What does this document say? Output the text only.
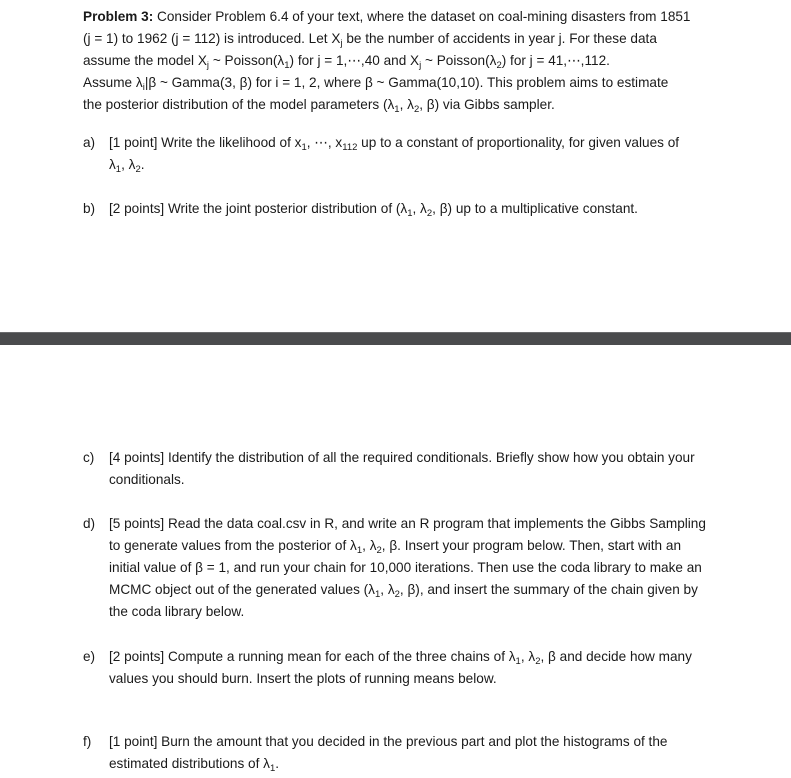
Problem 3: Consider Problem 6.4 of your text, where the dataset on coal-mining disasters from 1851

(j = 1) to 1962 (j = 112) is introduced. Let $X_j$ be the number of accidents in year j. For these data

assume the model $X_j$ ~ $Poisson(\lambda_1)$ for j = 1,⋯,40 and $X_j$ ~ $Poisson(\lambda_2)$ for j = 41,⋯,112.

Assume $\lambda_i|\beta$ ~ Gamma(3, β) for i = 1, 2, where β ~ Gamma(10,10). This problem aims to estimate

the posterior distribution of the model parameters ($\lambda_1$, $\lambda_2$, β) via Gibbs sampler.

a)	[1 point] Write the likelihood of $x_1$, ⋯, $x_{112}$ up to a constant of proportionality, for given values of
$\lambda_1$, $\lambda_2$.
b)	[2 points] Write the joint posterior distribution of ($\lambda_1$, $\lambda_2$, β) up to a multiplicative constant.
c)	[4 points] Identify the distribution of all the required conditionals. Briefly show how you obtain your
conditionals.
d)	[5 points] Read the data coal.csv in R, and write an R program that implements the Gibbs Sampling
to generate values from the posterior of $\lambda_1$, $\lambda_2$, β. Insert your program below. Then, start with an
initial value of β = 1, and run your chain for 10,000 iterations. Then use the coda library to make an
MCMC object out of the generated values ($\lambda_1$, $\lambda_2$, β), and insert the summary of the chain given by
the coda library below.
e)	[2 points] Compute a running mean for each of the three chains of $\lambda_1$, $\lambda_2$, β and decide how many
values you should burn. Insert the plots of running means below.
f)	[1 point] Burn the amount that you decided in the previous part and plot the histograms of the
estimated distributions of $\lambda_1$.
